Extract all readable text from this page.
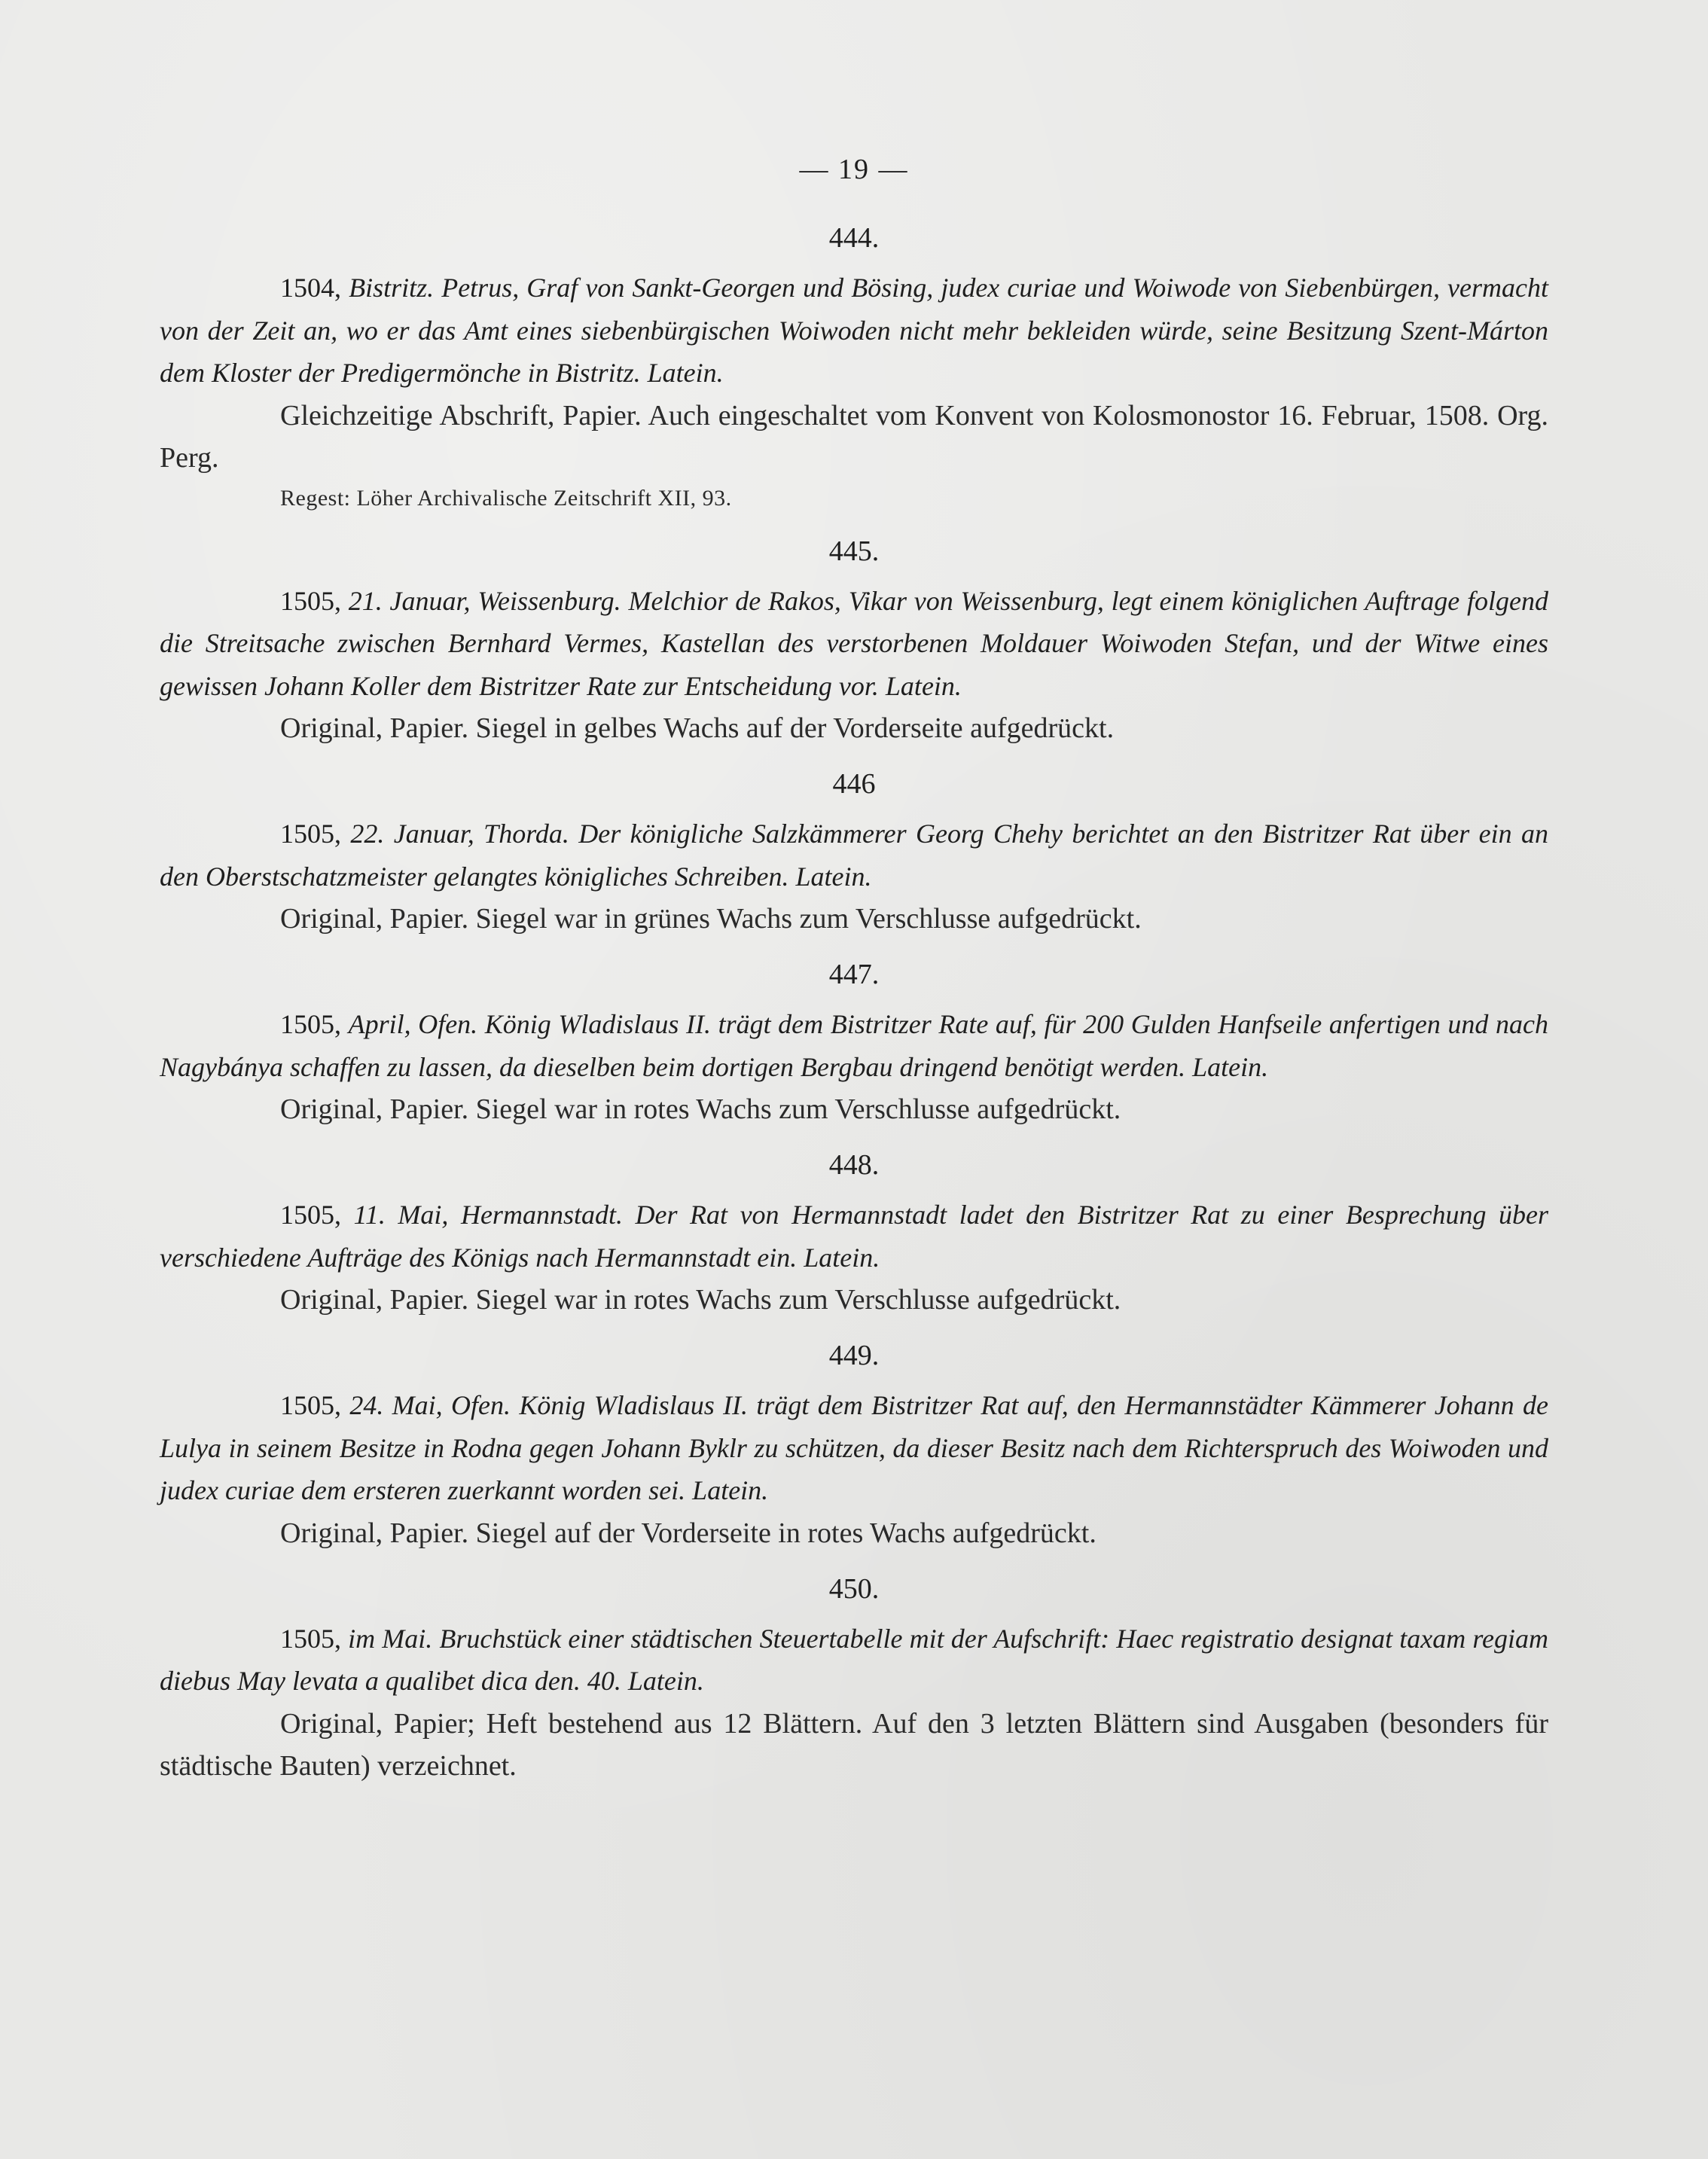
— 19 —
444.

1504, Bistritz. Petrus, Graf von Sankt-Georgen und Bösing, judex curiae und Woiwode von Siebenbürgen, vermacht von der Zeit an, wo er das Amt eines siebenbürgischen Woiwoden nicht mehr bekleiden würde, seine Besitzung Szent-Márton dem Kloster der Predigermönche in Bistritz. Latein.

Gleichzeitige Abschrift, Papier. Auch eingeschaltet vom Konvent von Kolosmonostor 16. Februar, 1508. Org. Perg.

Regest: Löher Archivalische Zeitschrift XII, 93.

445.

1505, 21. Januar, Weissenburg. Melchior de Rakos, Vikar von Weissenburg, legt einem königlichen Auftrage folgend die Streitsache zwischen Bernhard Vermes, Kastellan des verstorbenen Moldauer Woiwoden Stefan, und der Witwe eines gewissen Johann Koller dem Bistritzer Rate zur Entscheidung vor. Latein.

Original, Papier. Siegel in gelbes Wachs auf der Vorderseite aufgedrückt.

446

1505, 22. Januar, Thorda. Der königliche Salzkämmerer Georg Chehy berichtet an den Bistritzer Rat über ein an den Oberstschatzmeister gelangtes königliches Schreiben. Latein.

Original, Papier. Siegel war in grünes Wachs zum Verschlusse aufgedrückt.

447.

1505, April, Ofen. König Wladislaus II. trägt dem Bistritzer Rate auf, für 200 Gulden Hanfseile anfertigen und nach Nagybánya schaffen zu lassen, da dieselben beim dortigen Bergbau dringend benötigt werden. Latein.

Original, Papier. Siegel war in rotes Wachs zum Verschlusse aufgedrückt.

448.

1505, 11. Mai, Hermannstadt. Der Rat von Hermannstadt ladet den Bistritzer Rat zu einer Besprechung über verschiedene Aufträge des Königs nach Hermannstadt ein. Latein.

Original, Papier. Siegel war in rotes Wachs zum Verschlusse aufgedrückt.

449.

1505, 24. Mai, Ofen. König Wladislaus II. trägt dem Bistritzer Rat auf, den Hermannstädter Kämmerer Johann de Lulya in seinem Besitze in Rodna gegen Johann Byklr zu schützen, da dieser Besitz nach dem Richterspruch des Woiwoden und judex curiae dem ersteren zuerkannt worden sei. Latein.

Original, Papier. Siegel auf der Vorderseite in rotes Wachs aufgedrückt.

450.

1505, im Mai. Bruchstück einer städtischen Steuertabelle mit der Aufschrift: Haec registratio designat taxam regiam diebus May levata a qualibet dica den. 40. Latein.

Original, Papier; Heft bestehend aus 12 Blättern. Auf den 3 letzten Blättern sind Ausgaben (besonders für städtische Bauten) verzeichnet.
